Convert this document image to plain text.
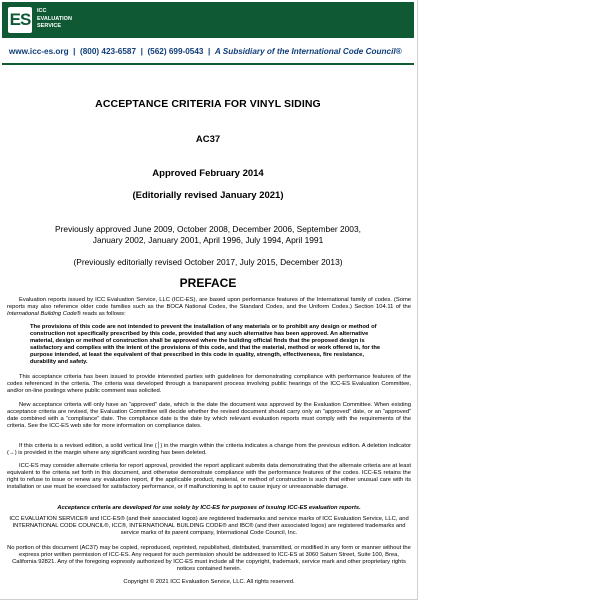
ES ICC
EVALUATION
SERVICE
www.icc-es.org | (800) 423-6587 | (562) 699-0543 | A Subsidiary of the International Code Council®
ACCEPTANCE CRITERIA FOR VINYL SIDING
AC37
Approved February 2014
(Editorially revised January 2021)
Previously approved June 2009, October 2008, December 2006, September 2003,
January 2002, January 2001, April 1996, July 1994, April 1991
(Previously editorially revised October 2017, July 2015, December 2013)
PREFACE
Evaluation reports issued by ICC Evaluation Service, LLC (ICC-ES), are based upon performance features of the International family of codes. (Some reports may also reference older code families such as the BOCA National Codes, the Standard Codes, and the Uniform Codes.) Section 104.11 of the International Building Code® reads as follows:
The provisions of this code are not intended to prevent the installation of any materials or to prohibit any design or method of construction not specifically prescribed by this code, provided that any such alternative has been approved. An alternative material, design or method of construction shall be approved where the building official finds that the proposed design is satisfactory and complies with the intent of the provisions of this code, and that the material, method or work offered is, for the purpose intended, at least the equivalent of that prescribed in this code in quality, strength, effectiveness, fire resistance, durability and safety.
This acceptance criteria has been issued to provide interested parties with guidelines for demonstrating compliance with performance features of the codes referenced in the criteria. The criteria was developed through a transparent process involving public hearings of the ICC-ES Evaluation Committee, and/or on-line postings where public comment was solicited.
New acceptance criteria will only have an “approved” date, which is the date the document was approved by the Evaluation Committee. When existing acceptance criteria are revised, the Evaluation Committee will decide whether the revised document should carry only an “approved” date, or an “approved” date combined with a “compliance” date. The compliance date is the date by which relevant evaluation reports must comply with the requirements of the criteria. See the ICC-ES web site for more information on compliance dates.
If this criteria is a revised edition, a solid vertical line (│) in the margin within the criteria indicates a change from the previous edition. A deletion indicator (→) is provided in the margin where any significant wording has been deleted.
ICC-ES may consider alternate criteria for report approval, provided the report applicant submits data demonstrating that the alternate criteria are at least equivalent to the criteria set forth in this document, and otherwise demonstrate compliance with the performance features of the codes. ICC-ES retains the right to refuse to issue or renew any evaluation report, if the applicable product, material, or method of construction is such that either unusual care with its installation or use must be exercised for satisfactory performance, or if malfunctioning is apt to cause injury or unreasonable damage.
Acceptance criteria are developed for use solely by ICC-ES for purposes of issuing ICC-ES evaluation reports.
ICC EVALUATION SERVICE® and ICC-ES® (and their associated logos) are registered trademarks and service marks of ICC Evaluation Service, LLC, and INTERNATIONAL CODE COUNCIL®, ICC®, INTERNATIONAL BUILDING CODE® and IBC® (and their associated logos) are registered trademarks and service marks of its parent company, International Code Council, Inc.
No portion of this document (AC37) may be copied, reproduced, reprinted, republished, distributed, transmitted, or modified in any form or manner without the express prior written permission of ICC-ES. Any request for such permission should be addressed to ICC-ES at 3060 Saturn Street, Suite 100, Brea, California 92821. Any of the foregoing expressly authorized by ICC-ES must include all the copyright, trademark, service mark and other proprietary rights notices contained herein.
Copyright © 2021 ICC Evaluation Service, LLC. All rights reserved.
